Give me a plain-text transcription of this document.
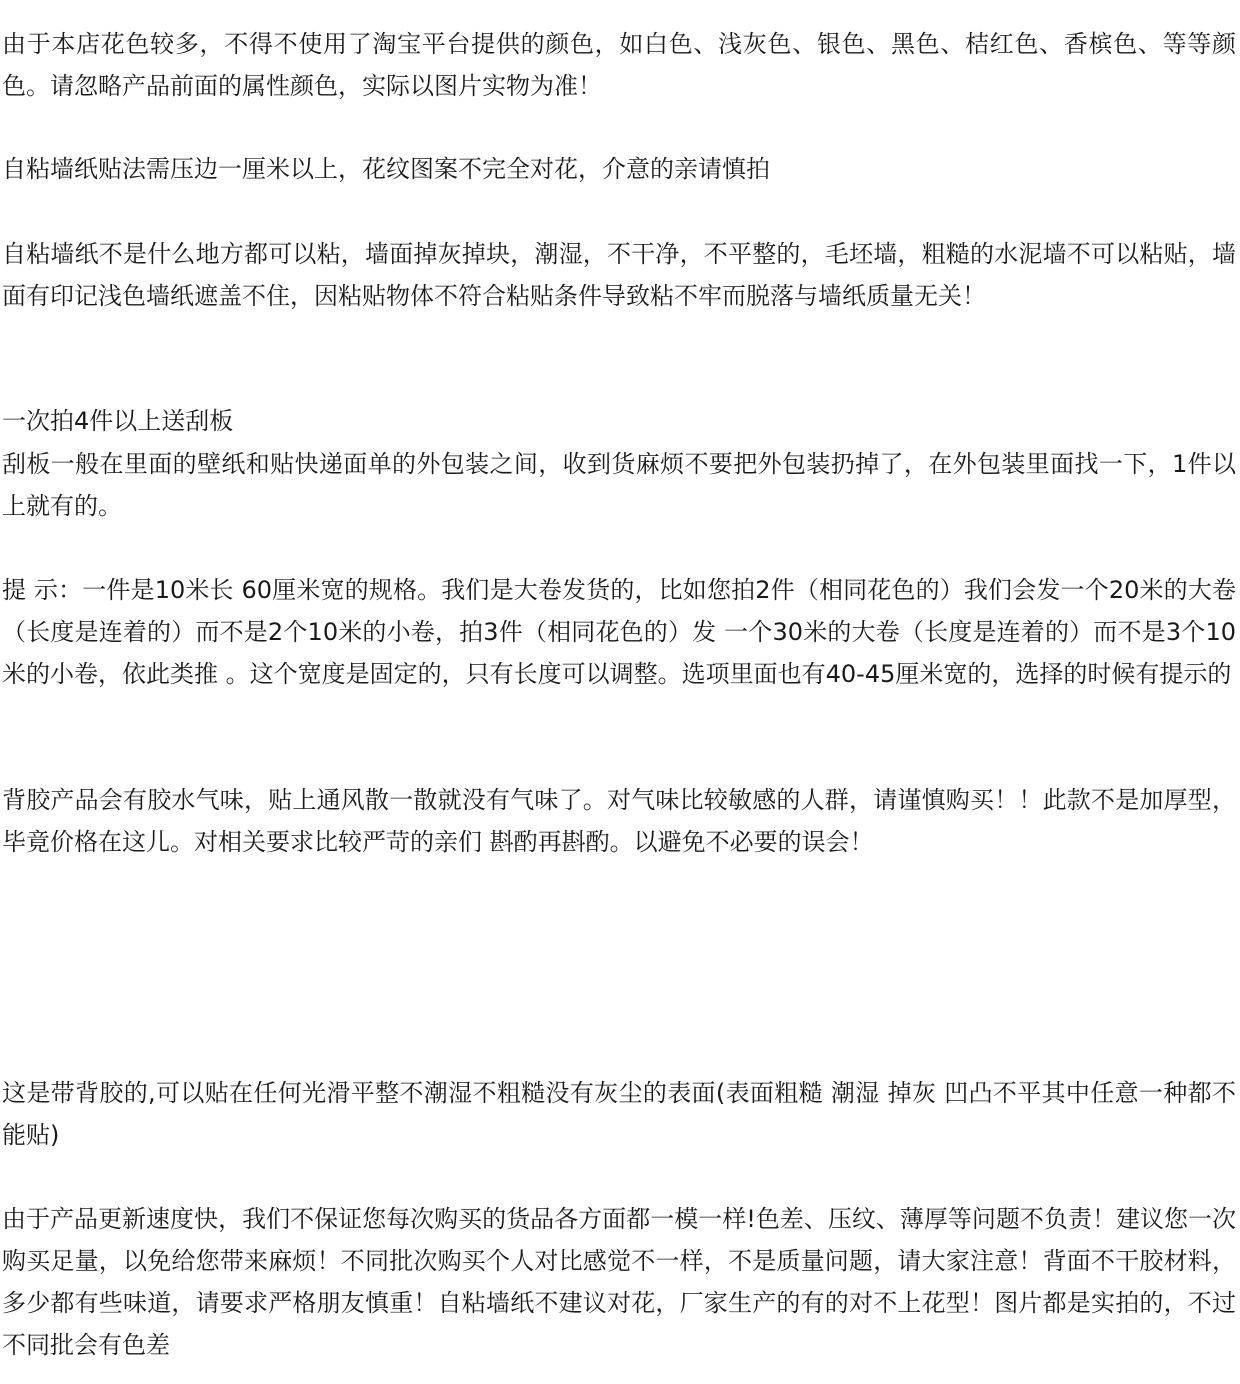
由于本店花色较多，不得不使用了淘宝平台提供的颜色，如白色、浅灰色、银色、黑色、桔红色、香槟色、等等颜色。请忽略产品前面的属性颜色，实际以图片实物为准！

自粘墙纸贴法需压边一厘米以上，花纹图案不完全对花，介意的亲请慎拍

自粘墙纸不是什么地方都可以粘，墙面掉灰掉块，潮湿，不干净，不平整的，毛坯墙，粗糙的水泥墙不可以粘贴，墙面有印记浅色墙纸遮盖不住，因粘贴物体不符合粘贴条件导致粘不牢而脱落与墙纸质量无关！

一次拍4件以上送刮板

刮板一般在里面的壁纸和贴快递面单的外包装之间，收到货麻烦不要把外包装扔掉了，在外包装里面找一下，1件以上就有的。

提 示：一件是10米长 60厘米宽的规格。我们是大卷发货的，比如您拍2件（相同花色的）我们会发一个20米的大卷（长度是连着的）而不是2个10米的小卷，拍3件（相同花色的）发 一个30米的大卷（长度是连着的）而不是3个10米的小卷，依此类推 。这个宽度是固定的，只有长度可以调整。选项里面也有40-45厘米宽的，选择的时候有提示的

背胶产品会有胶水气味，贴上通风散一散就没有气味了。对气味比较敏感的人群，请谨慎购买！！此款不是加厚型，毕竟价格在这儿。对相关要求比较严苛的亲们 斟酌再斟酌。以避免不必要的误会！

这是带背胶的,可以贴在任何光滑平整不潮湿不粗糙没有灰尘的表面(表面粗糙 潮湿 掉灰 凹凸不平其中任意一种都不能贴)

由于产品更新速度快，我们不保证您每次购买的货品各方面都一模一样!色差、压纹、薄厚等问题不负责！建议您一次购买足量，以免给您带来麻烦！不同批次购买个人对比感觉不一样，不是质量问题，请大家注意！背面不干胶材料，多少都有些味道，请要求严格朋友慎重！自粘墙纸不建议对花，厂家生产的有的对不上花型！图片都是实拍的，不过不同批会有色差
